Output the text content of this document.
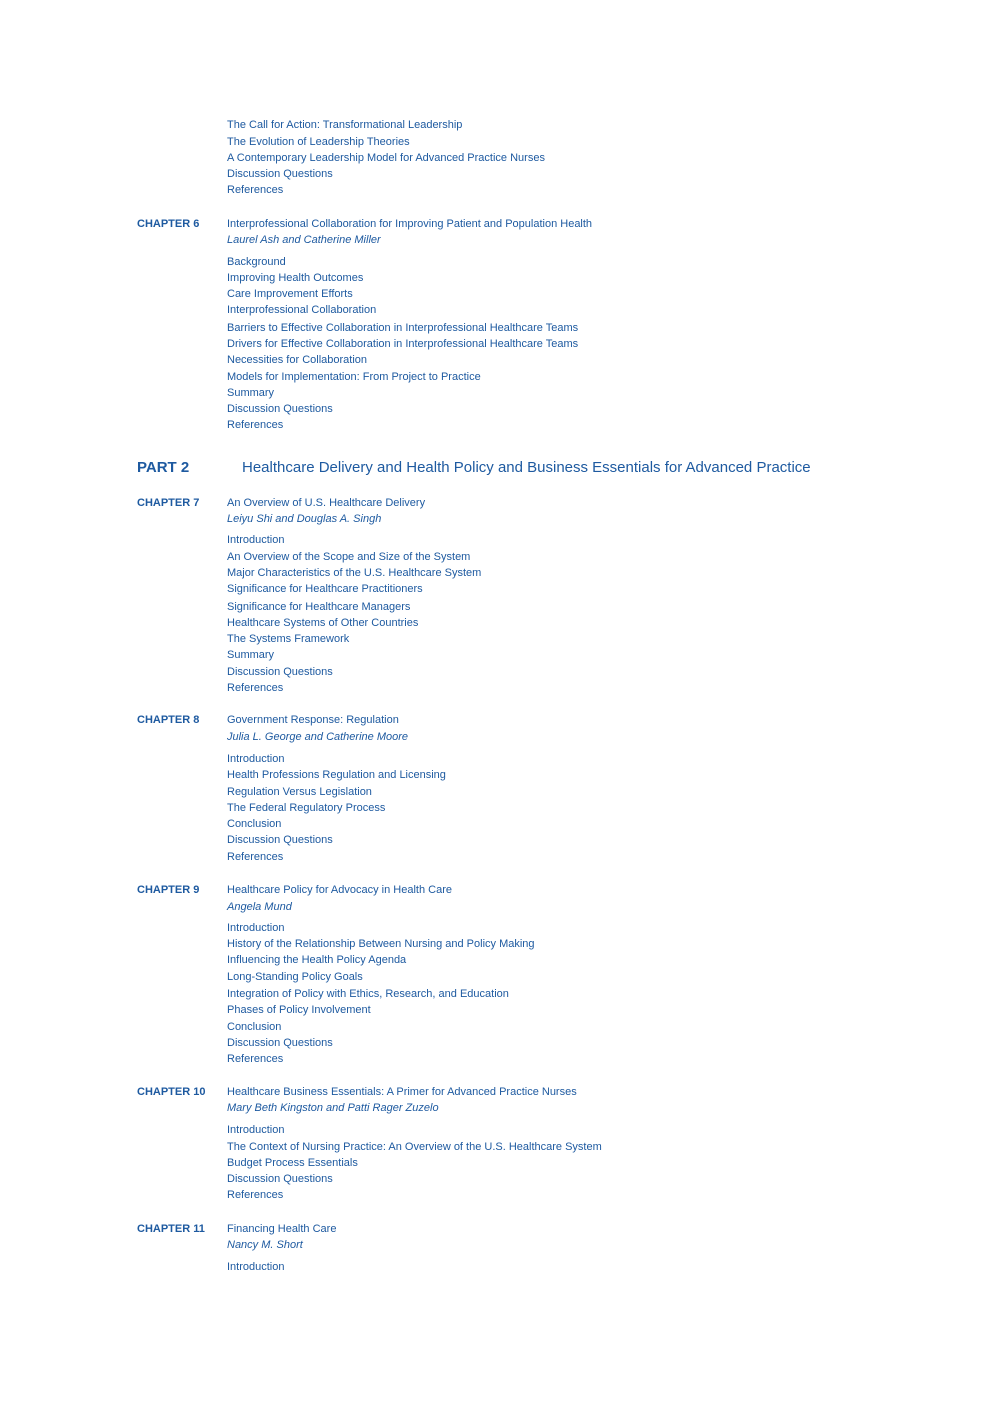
The Call for Action: Transformational Leadership
The Evolution of Leadership Theories
A Contemporary Leadership Model for Advanced Practice Nurses
Discussion Questions
References
CHAPTER 6	Interprofessional Collaboration for Improving Patient and Population Health
Laurel Ash and Catherine Miller
Background
Improving Health Outcomes
Care Improvement Efforts
Interprofessional Collaboration
Barriers to Effective Collaboration in Interprofessional Healthcare Teams
Drivers for Effective Collaboration in Interprofessional Healthcare Teams
Necessities for Collaboration
Models for Implementation: From Project to Practice
Summary
Discussion Questions
References
PART 2	Healthcare Delivery and Health Policy and Business Essentials for Advanced Practice
CHAPTER 7	An Overview of U.S. Healthcare Delivery
Leiyu Shi and Douglas A. Singh
Introduction
An Overview of the Scope and Size of the System
Major Characteristics of the U.S. Healthcare System
Significance for Healthcare Practitioners
Significance for Healthcare Managers
Healthcare Systems of Other Countries
The Systems Framework
Summary
Discussion Questions
References
CHAPTER 8	Government Response: Regulation
Julia L. George and Catherine Moore
Introduction
Health Professions Regulation and Licensing
Regulation Versus Legislation
The Federal Regulatory Process
Conclusion
Discussion Questions
References
CHAPTER 9	Healthcare Policy for Advocacy in Health Care
Angela Mund
Introduction
History of the Relationship Between Nursing and Policy Making
Influencing the Health Policy Agenda
Long-Standing Policy Goals
Integration of Policy with Ethics, Research, and Education
Phases of Policy Involvement
Conclusion
Discussion Questions
References
CHAPTER 10 Healthcare Business Essentials: A Primer for Advanced Practice Nurses
Mary Beth Kingston and Patti Rager Zuzelo
Introduction
The Context of Nursing Practice: An Overview of the U.S. Healthcare System
Budget Process Essentials
Discussion Questions
References
CHAPTER 11 Financing Health Care
Nancy M. Short
Introduction
